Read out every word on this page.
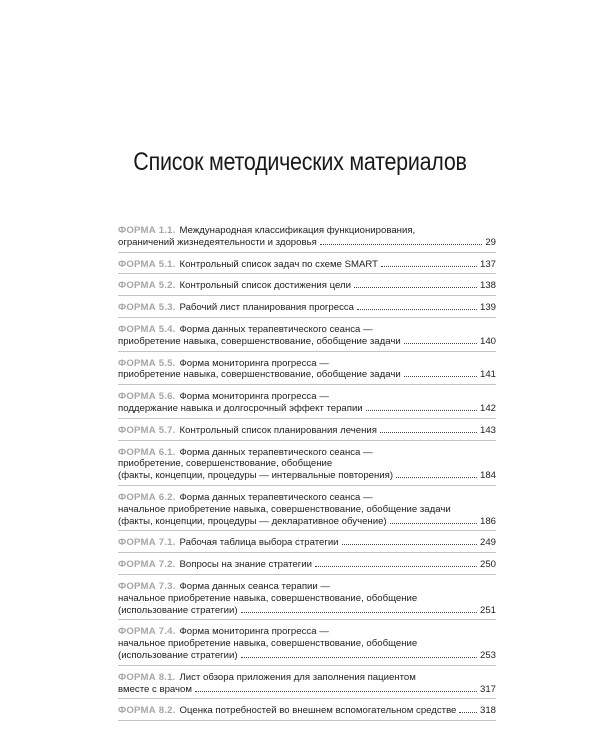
Список методических материалов
ФОРМА 1.1. Международная классификация функционирования,
ограничений жизнедеятельности и здоровья	29
ФОРМА 5.1. Контрольный список задач по схеме SMART	137
ФОРМА 5.2. Контрольный список достижения цели	138
ФОРМА 5.3. Рабочий лист планирования прогресса	139
ФОРМА 5.4. Форма данных терапевтического сеанса —
приобретение навыка, совершенствование, обобщение задачи	140
ФОРМА 5.5. Форма мониторинга прогресса —
приобретение навыка, совершенствование, обобщение задачи	141
ФОРМА 5.6. Форма мониторинга прогресса —
поддержание навыка и долгосрочный эффект терапии	142
ФОРМА 5.7. Контрольный список планирования лечения	143
ФОРМА 6.1. Форма данных терапевтического сеанса —
приобретение, совершенствование, обобщение
(факты, концепции, процедуры — интервальные повторения)	184
ФОРМА 6.2. Форма данных терапевтического сеанса —
начальное приобретение навыка, совершенствование, обобщение задачи
(факты, концепции, процедуры — декларативное обучение)	186
ФОРМА 7.1. Рабочая таблица выбора стратегии	249
ФОРМА 7.2. Вопросы на знание стратегии	250
ФОРМА 7.3. Форма данных сеанса терапии —
начальное приобретение навыка, совершенствование, обобщение
(использование стратегии)	251
ФОРМА 7.4. Форма мониторинга прогресса —
начальное приобретение навыка, совершенствование, обобщение
(использование стратегии)	253
ФОРМА 8.1. Лист обзора приложения для заполнения пациентом
вместе с врачом	317
ФОРМА 8.2. Оценка потребностей во внешнем вспомогательном средстве 318
